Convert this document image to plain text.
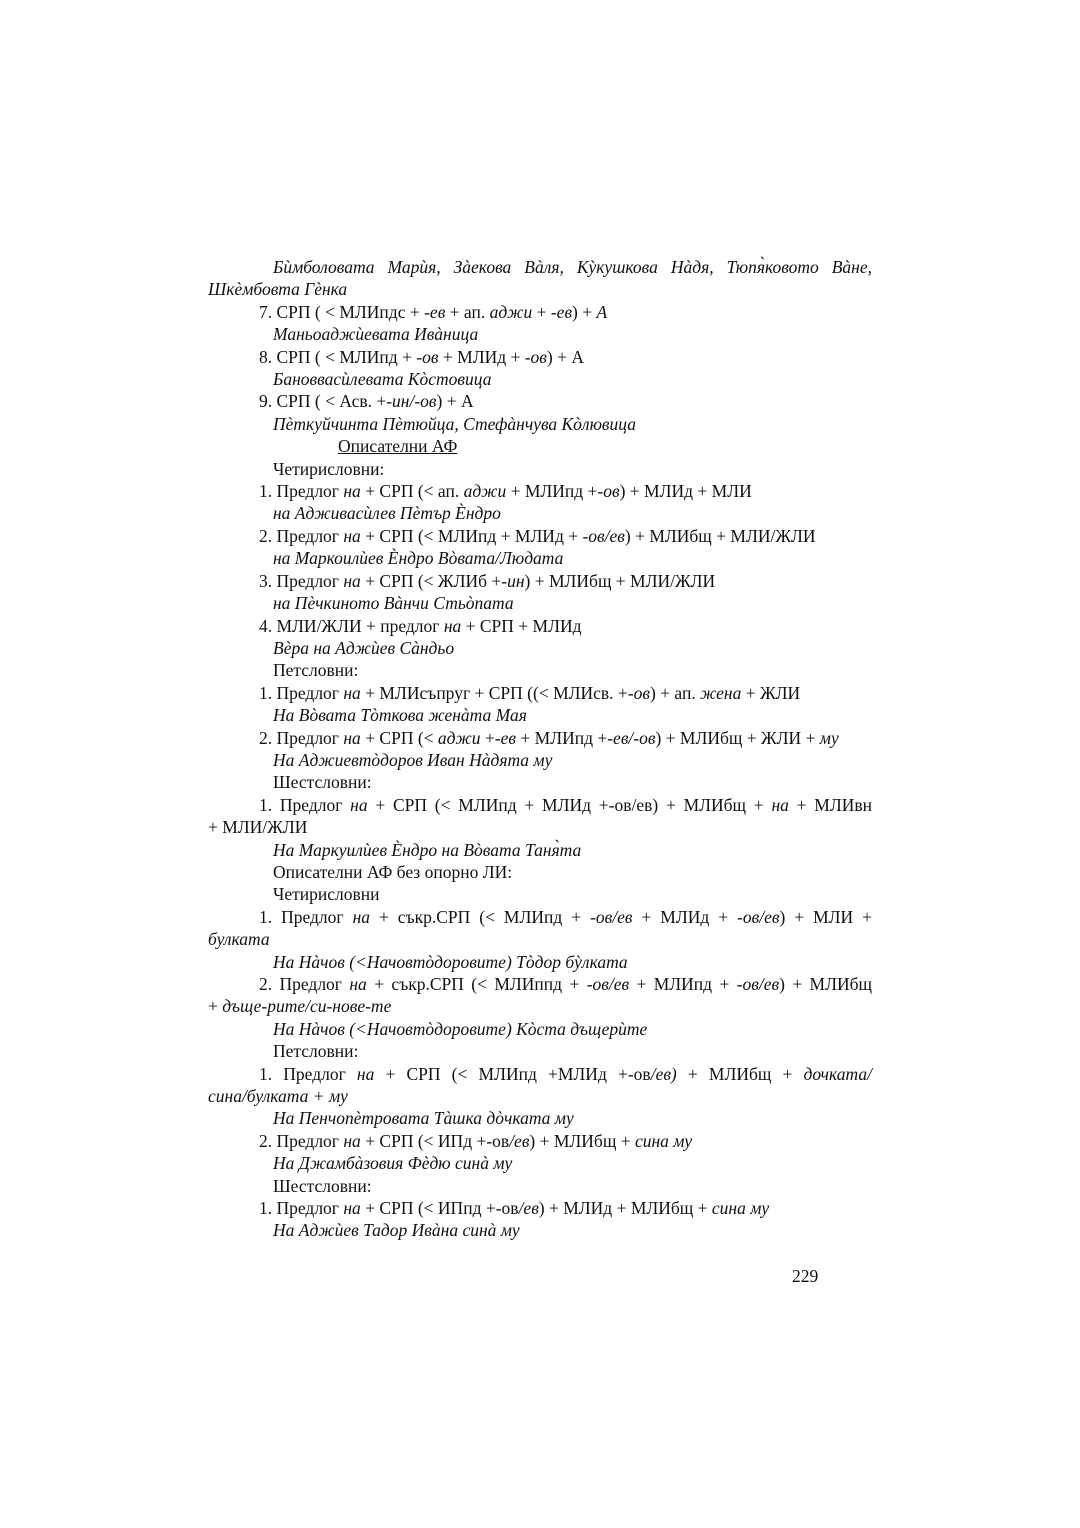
Бѝмболовата Марѝя, Зàекова Вàля, Кỳкушкова Нàдя, Тюпя̀ковото Вàне,
Шкѐмбовта Гѐнка
7. СРП ( < МЛИпдс + -ев + ап. аджи + -ев) + А
Маньоаджѝевата Ивàница
8. СРП ( < МЛИпд + -ов + МЛИд + -ов) + А
Бановвасѝлевата Кòстовица
9. СРП ( < Асв. +-ин/-ов) + А
Пѐткуйчинта Пѐтюйца, Стефàнчува Кòлювица
Описателни АФ
Четирисловни:
1. Предлог на + СРП (< ап. аджи + МЛИпд +-ов) + МЛИд + МЛИ
на Адживасѝлев Пѐтър Ѐндро
2. Предлог на + СРП (< МЛИпд + МЛИд + -ов/ев) + МЛИбщ + МЛИ/ЖЛИ
на Маркоилѝев Ѐндро Вòвата/Людата
3. Предлог на + СРП (< ЖЛИб +-ин) + МЛИбщ + МЛИ/ЖЛИ
на Пѐчкиното Вàнчи Стьòпата
4. МЛИ/ЖЛИ + предлог на + СРП + МЛИд
Вѐра на Аджѝев Сàндьо
Петсловни:
1. Предлог на + МЛИсъпруг + СРП ((< МЛИсв. +-ов) + ап. жена + ЖЛИ
На Вòвата Тòткова женàта Мая
2. Предлог на + СРП (< аджи +-ев + МЛИпд +-ев/-ов) + МЛИбщ + ЖЛИ + му
На Аджиевтòдоров Иван Нàдята му
Шестсловни:
1. Предлог на + СРП (< МЛИпд + МЛИд +-ов/ев) + МЛИбщ + на + МЛИвн
+ МЛИ/ЖЛИ
На Маркуилѝев Ѐндро на Вòвата Таня̀та
Описателни АФ без опорно ЛИ:
Четирисловни
1. Предлог на + съкр.СРП (< МЛИпд + -ов/ев + МЛИд + -ов/ев) + МЛИ +
булката
На Нàчов (<Начовтòдоровите) Тòдор бỳлката
2. Предлог на + съкр.СРП (< МЛИппд + -ов/ев + МЛИпд + -ов/ев) + МЛИбщ
+ дъще-рите/си-нове-те
На Нàчов (<Начовтòдоровите) Кòста дъщерѝте
Петсловни:
1. Предлог на + СРП (< МЛИпд +МЛИд +-ов/ев) + МЛИбщ + дочката/
сина/булката + му
На Пенчопѐтровата Тàшка дòчката му
2. Предлог на + СРП (< ИПд +-ов/ев) + МЛИбщ + сина му
На Джамбàзовия Фѐдю синà му
Шестсловни:
1. Предлог на + СРП (< ИПпд +-ов/ев) + МЛИд + МЛИбщ + сина му
На Аджѝев Тадор Ивàна синà му
229
